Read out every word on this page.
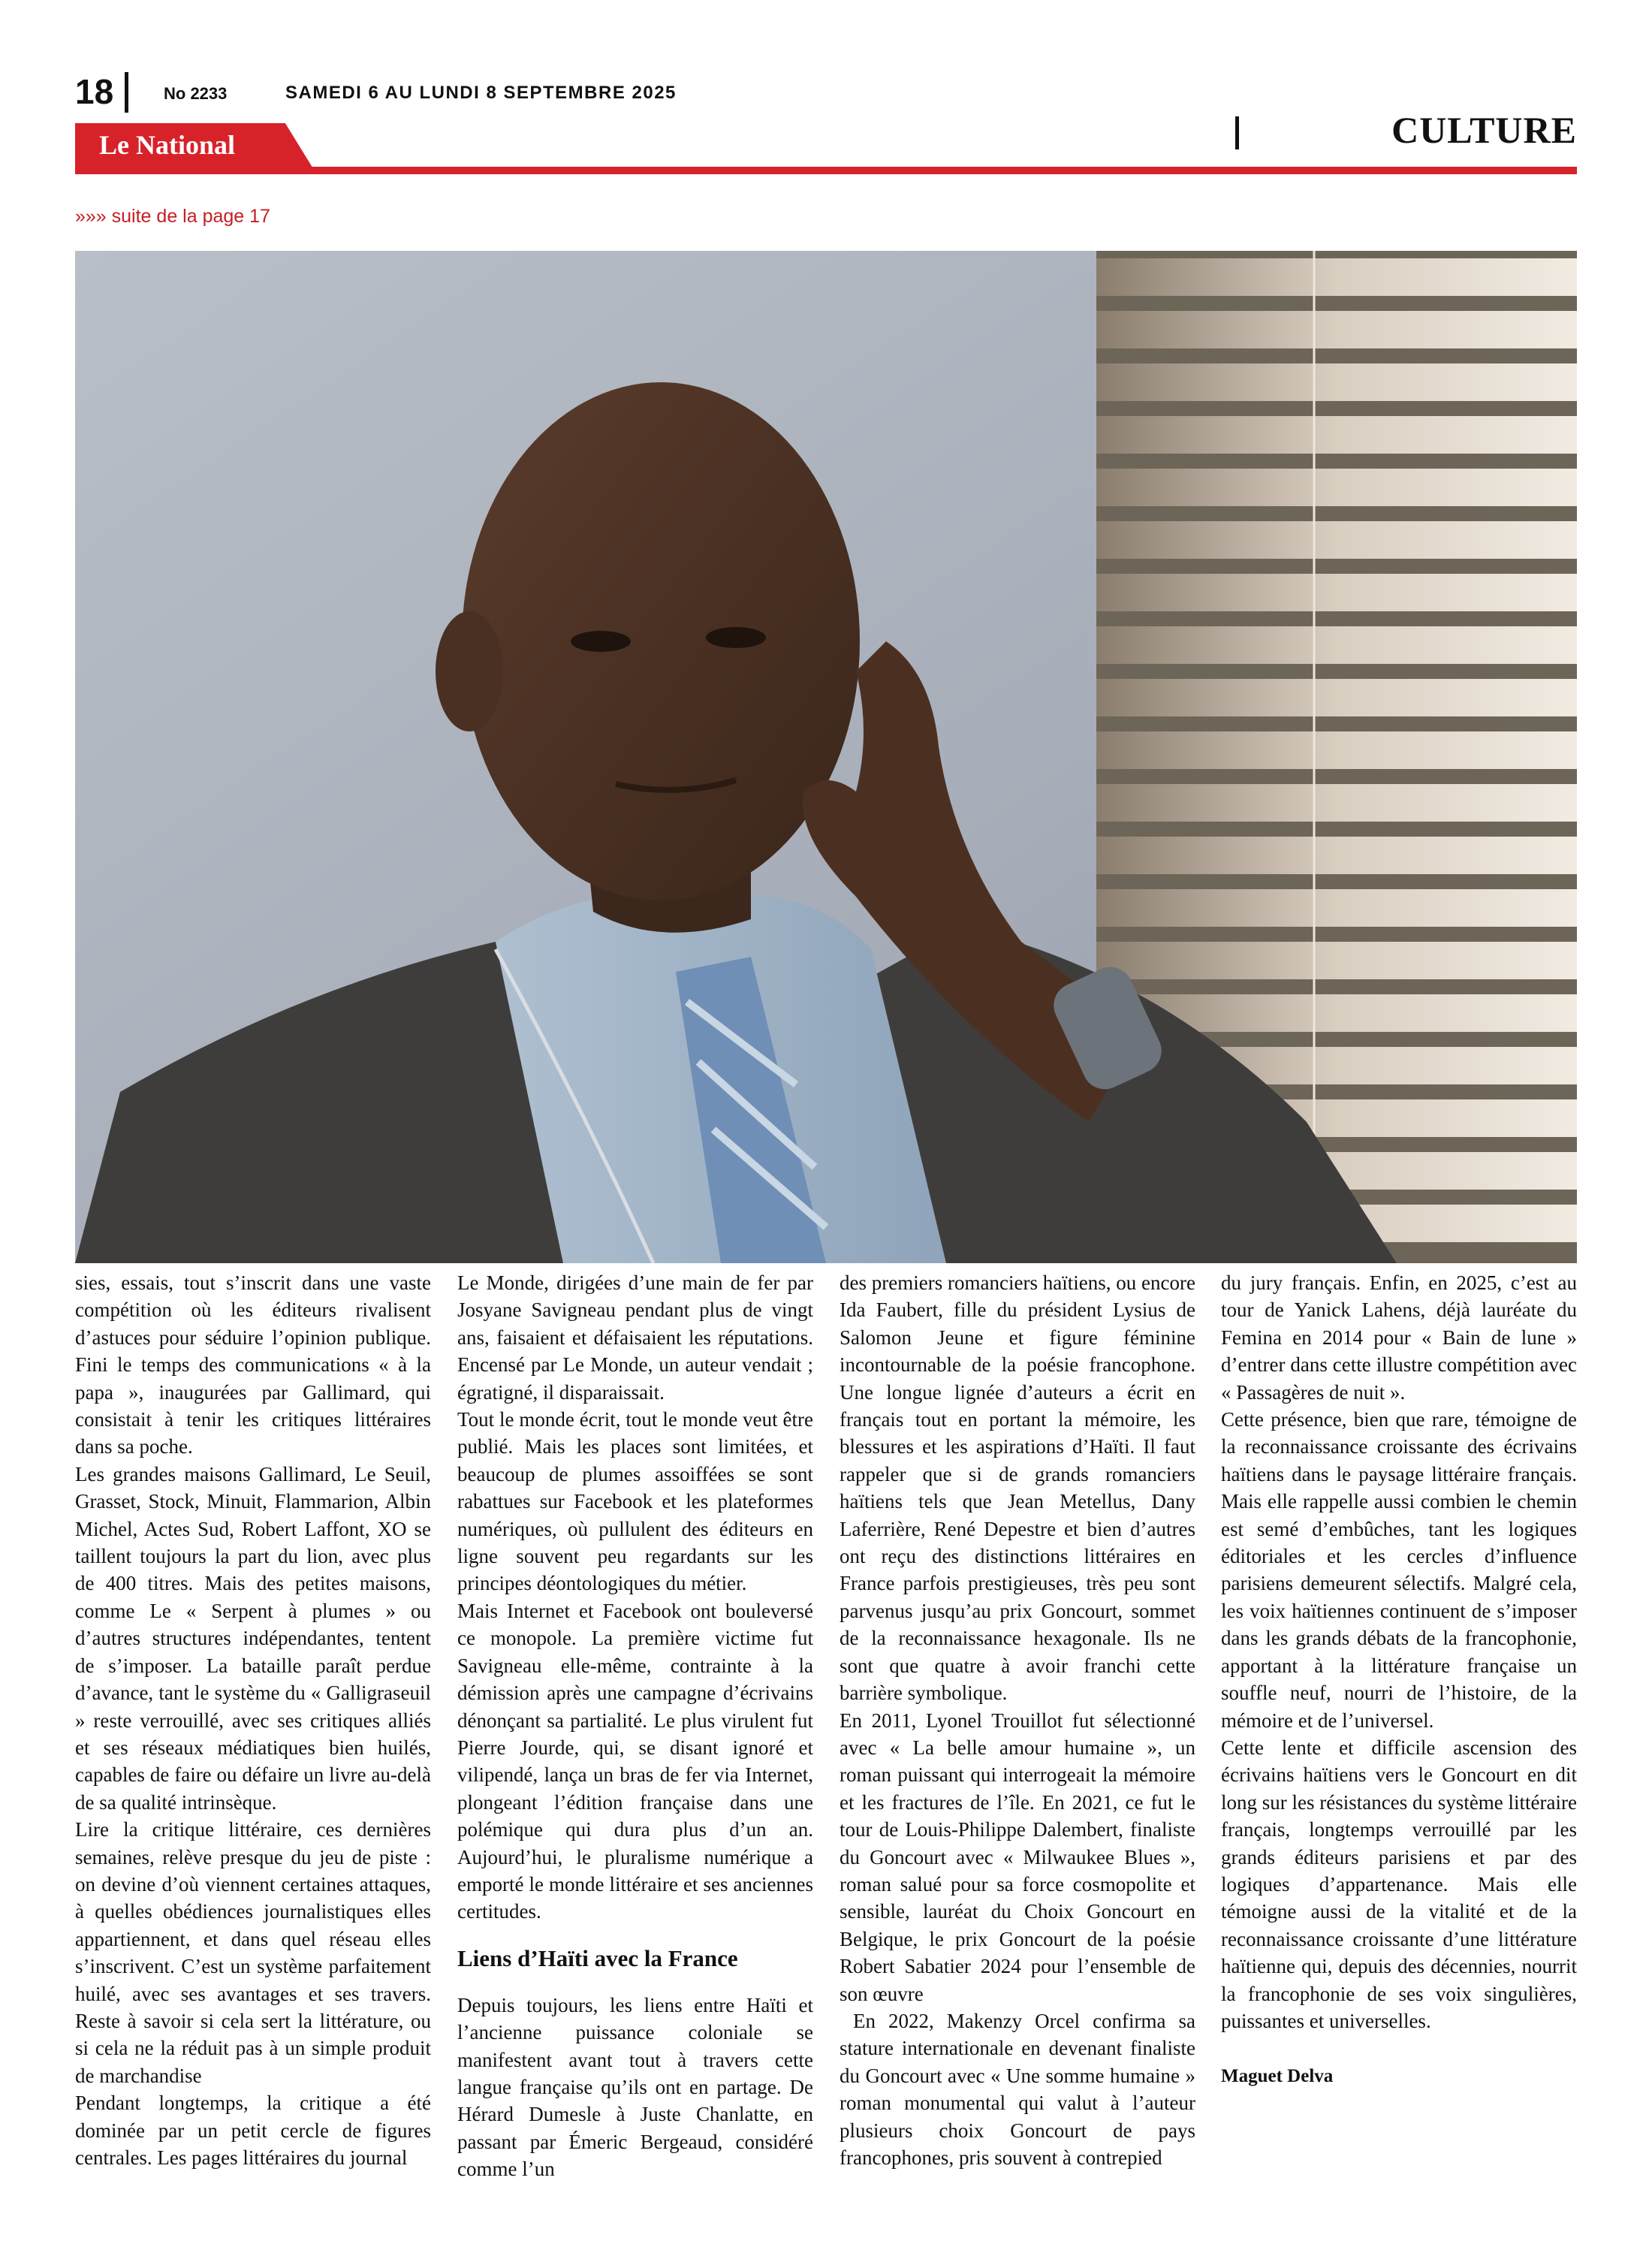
18	No 2233	SAMEDI 6 AU LUNDI 8 SEPTEMBRE 2025
Le National	CULTURE
»»» suite de la page 17

sies, essais, tout s’inscrit dans une vaste compétition où les éditeurs rivalisent d’astuces pour séduire l’opinion publique. Fini le temps des communications « à la papa », inaugurées par Gallimard, qui consistait à tenir les critiques littéraires dans sa poche.

Les grandes maisons Gallimard, Le Seuil, Grasset, Stock, Minuit, Flammarion, Albin Michel, Actes Sud, Robert Laffont, XO se taillent toujours la part du lion, avec plus de 400 titres. Mais des petites maisons, comme Le « Serpent à plumes » ou d’autres structures indépendantes, tentent de s’imposer. La bataille paraît perdue d’avance, tant le système du « Galligraseuil » reste verrouillé, avec ses critiques alliés et ses réseaux médiatiques bien huilés, capables de faire ou défaire un livre au-delà de sa qualité intrinsèque.

Lire la critique littéraire, ces dernières semaines, relève presque du jeu de piste : on devine d’où viennent certaines attaques, à quelles obédiences journalistiques elles appartiennent, et dans quel réseau elles s’inscrivent. C’est un système parfaitement huilé, avec ses avantages et ses travers. Reste à savoir si cela sert la littérature, ou si cela ne la réduit pas à un simple produit de marchandise

Pendant longtemps, la critique a été dominée par un petit cercle de figures centrales. Les pages littéraires du journal

Le Monde, dirigées d’une main de fer par Josyane Savigneau pendant plus de vingt ans, faisaient et défaisaient les réputations. Encensé par Le Monde, un auteur vendait ; égratigné, il disparaissait.

Tout le monde écrit, tout le monde veut être publié. Mais les places sont limitées, et beaucoup de plumes assoiffées se sont rabattues sur Facebook et les plateformes numériques, où pullulent des éditeurs en ligne souvent peu regardants sur les principes déontologiques du métier.

Mais Internet et Facebook ont bouleversé ce monopole. La première victime fut Savigneau elle-même, contrainte à la démission après une campagne d’écrivains dénonçant sa partialité. Le plus virulent fut Pierre Jourde, qui, se disant ignoré et vilipendé, lança un bras de fer via Internet, plongeant l’édition française dans une polémique qui dura plus d’un an. Aujourd’hui, le pluralisme numérique a emporté le monde littéraire et ses anciennes certitudes.

Liens d’Haïti avec la France

Depuis toujours, les liens entre Haïti et l’ancienne puissance coloniale se manifestent avant tout à travers cette langue française qu’ils ont en partage. De Hérard Dumesle à Juste Chanlatte, en passant par Émeric Bergeaud, considéré comme l’un

des premiers romanciers haïtiens, ou encore Ida Faubert, fille du président Lysius de Salomon Jeune et figure féminine incontournable de la poésie francophone. Une longue lignée d’auteurs a écrit en français tout en portant la mémoire, les blessures et les aspirations d’Haïti. Il faut rappeler que si de grands romanciers haïtiens tels que Jean Metellus, Dany Laferrière, René Depestre et bien d’autres ont reçu des distinctions littéraires en France parfois prestigieuses, très peu sont parvenus jusqu’au prix Goncourt, sommet de la reconnaissance hexagonale. Ils ne sont que quatre à avoir franchi cette barrière symbolique.

En 2011, Lyonel Trouillot fut sélectionné avec « La belle amour humaine », un roman puissant qui interrogeait la mémoire et les fractures de l’île. En 2021, ce fut le tour de Louis-Philippe Dalembert, finaliste du Goncourt avec « Milwaukee Blues », roman salué pour sa force cosmopolite et sensible, lauréat du Choix Goncourt en Belgique, le prix Goncourt de la poésie Robert Sabatier 2024 pour l’ensemble de son œuvre

En 2022, Makenzy Orcel confirma sa stature internationale en devenant finaliste du Goncourt avec « Une somme humaine » roman monumental qui valut à l’auteur plusieurs choix Goncourt de pays francophones, pris souvent à contrepied

du jury français. Enfin, en 2025, c’est au tour de Yanick Lahens, déjà lauréate du Femina en 2014 pour « Bain de lune » d’entrer dans cette illustre compétition avec « Passagères de nuit ».

Cette présence, bien que rare, témoigne de la reconnaissance croissante des écrivains haïtiens dans le paysage littéraire français. Mais elle rappelle aussi combien le chemin est semé d’embûches, tant les logiques éditoriales et les cercles d’influence parisiens demeurent sélectifs. Malgré cela, les voix haïtiennes continuent de s’imposer dans les grands débats de la francophonie, apportant à la littérature française un souffle neuf, nourri de l’histoire, de la mémoire et de l’universel.

Cette lente et difficile ascension des écrivains haïtiens vers le Goncourt en dit long sur les résistances du système littéraire français, longtemps verrouillé par les grands éditeurs parisiens et par des logiques d’appartenance. Mais elle témoigne aussi de la vitalité et de la reconnaissance croissante d’une littérature haïtienne qui, depuis des décennies, nourrit la francophonie de ses voix singulières, puissantes et universelles.

Maguet Delva
